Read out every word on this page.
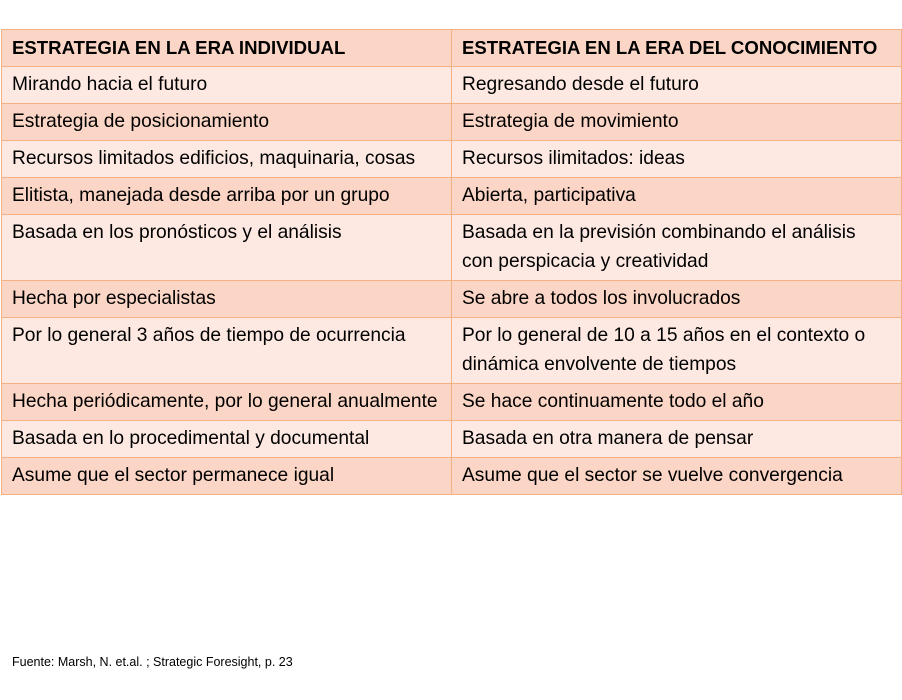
ESTRATEGIA EN LA ERA INDIVIDUAL	ESTRATEGIA EN LA ERA DEL CONOCIMIENTO
Mirando hacia el futuro	Regresando desde el futuro
Estrategia de posicionamiento	Estrategia de movimiento
Recursos limitados edificios, maquinaria, cosas	Recursos ilimitados: ideas
Elitista, manejada desde arriba por un grupo	Abierta, participativa
Basada en los pronósticos y el análisis	Basada en la previsión combinando el análisis con perspicacia y creatividad
Hecha por especialistas	Se abre a todos los involucrados
Por lo general 3 años de tiempo de ocurrencia	Por lo general de 10 a 15 años en el contexto o dinámica envolvente de tiempos
Hecha periódicamente, por lo general anualmente	Se hace continuamente todo el año
Basada en lo procedimental y documental	Basada en otra manera de pensar
Asume que el sector permanece igual	Asume que el sector se vuelve convergencia
Fuente: Marsh, N. et.al. ; Strategic Foresight, p. 23
